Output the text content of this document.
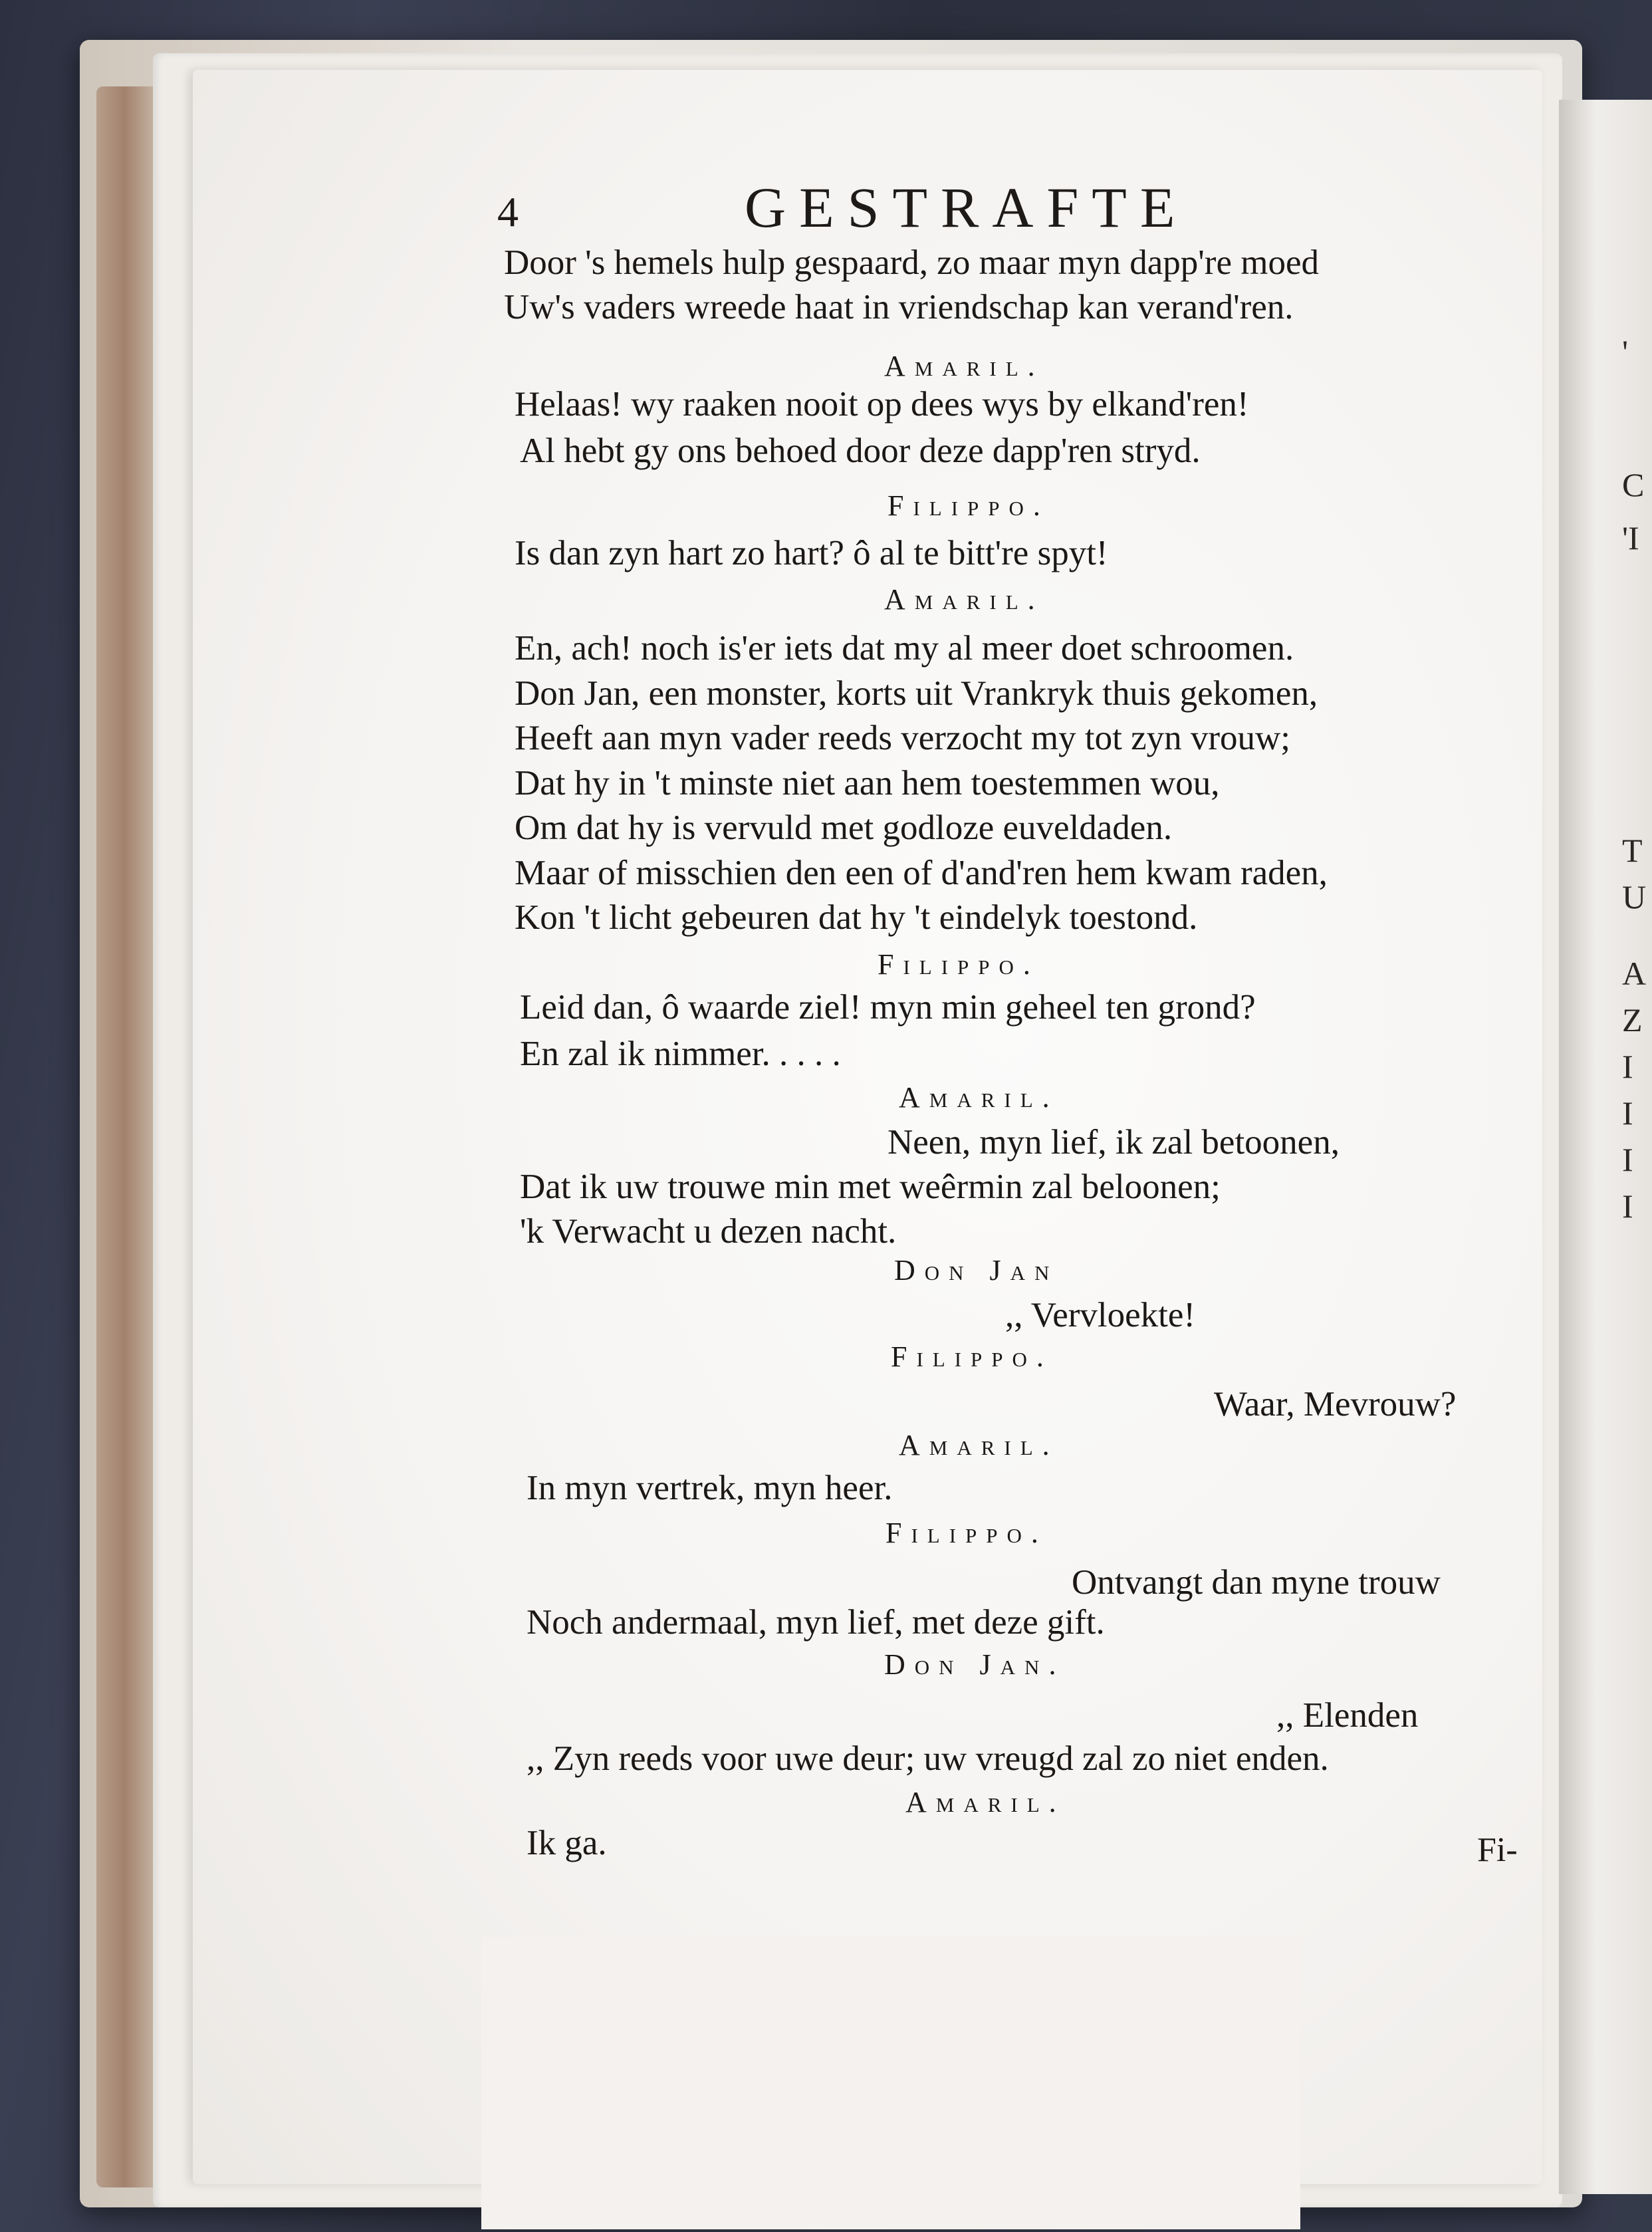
'
C
'I
T
U
A
Z
I
I
I
I
4	GESTRAFTE
Door 's hemels hulp gespaard, zo maar myn dapp're moed
Uw's vaders wreede haat in vriendschap kan verand'ren.
Amaril.
Helaas! wy raaken nooit op dees wys by elkand'ren!
Al hebt gy ons behoed door deze dapp'ren stryd.
Filippo.
Is dan zyn hart zo hart? ô al te bitt're spyt!
Amaril.
En, ach! noch is'er iets dat my al meer doet schroomen.
Don Jan, een monster, korts uit Vrankryk thuis gekomen,
Heeft aan myn vader reeds verzocht my tot zyn vrouw;
Dat hy in 't minste niet aan hem toestemmen wou,
Om dat hy is vervuld met godloze euveldaden.
Maar of misschien den een of d'and'ren hem kwam raden,
Kon 't licht gebeuren dat hy 't eindelyk toestond.
Filippo.
Leid dan, ô waarde ziel! myn min geheel ten grond?
En zal ik nimmer. . . . .
Amaril.
Neen, myn lief, ik zal betoonen,
Dat ik uw trouwe min met weêrmin zal beloonen;
'k Verwacht u dezen nacht.
Don Jan
,, Vervloekte!
Filippo.
Waar, Mevrouw?
Amaril.
In myn vertrek, myn heer.
Filippo.
Ontvangt dan myne trouw
Noch andermaal, myn lief, met deze gift.
Don Jan.
,, Elenden
,, Zyn reeds voor uwe deur; uw vreugd zal zo niet enden.
Amaril.
Ik ga.	Fi-
